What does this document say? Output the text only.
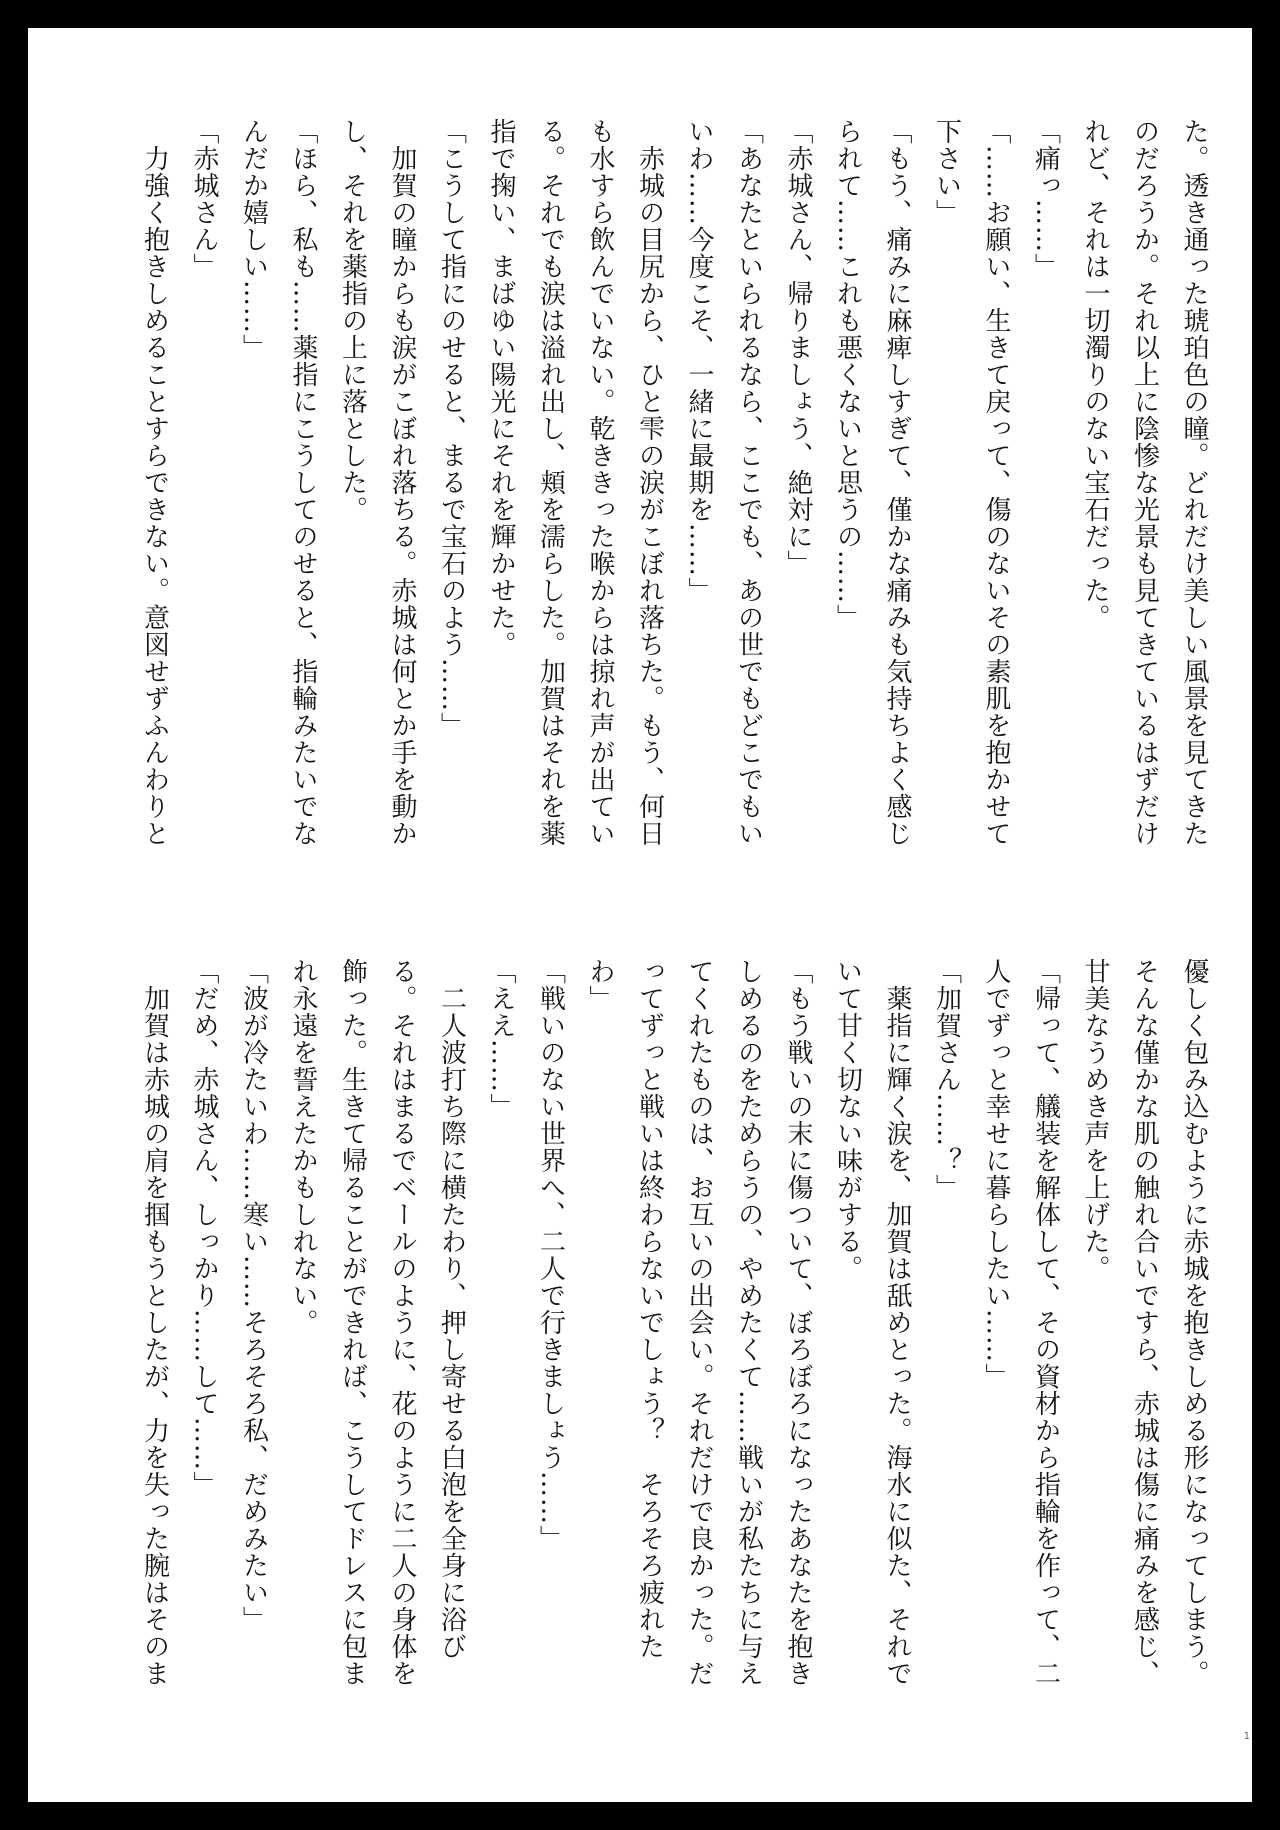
た。透き通った琥珀色の瞳。どれだけ美しい風景を見てきた
のだろうか。それ以上に陰惨な光景も見てきているはずだけ
れど、それは一切濁りのない宝石だった。
「痛っ……」
「……お願い、生きて戻って、傷のないその素肌を抱かせて
下さい」
「もう、痛みに麻痺しすぎて、僅かな痛みも気持ちよく感じ
られて……これも悪くないと思うの……」
「赤城さん、帰りましょう、絶対に」
「あなたといられるなら、ここでも、あの世でもどこでもい
いわ……今度こそ、一緒に最期を……」
　赤城の目尻から、ひと雫の涙がこぼれ落ちた。もう、何日
も水すら飲んでいない。乾ききった喉からは掠れ声が出てい
る。それでも涙は溢れ出し、頬を濡らした。加賀はそれを薬
指で掬い、まばゆい陽光にそれを輝かせた。
「こうして指にのせると、まるで宝石のよう……」
　加賀の瞳からも涙がこぼれ落ちる。赤城は何とか手を動か
し、それを薬指の上に落とした。
「ほら、私も……薬指にこうしてのせると、指輪みたいでな
んだか嬉しい……」
「赤城さん」
　力強く抱きしめることすらできない。意図せずふんわりと
優しく包み込むように赤城を抱きしめる形になってしまう。
そんな僅かな肌の触れ合いですら、赤城は傷に痛みを感じ、
甘美なうめき声を上げた。
「帰って、艤装を解体して、その資材から指輪を作って、二
人でずっと幸せに暮らしたい……」
「加賀さん……？」
　薬指に輝く涙を、加賀は舐めとった。海水に似た、それで
いて甘く切ない味がする。
「もう戦いの末に傷ついて、ぼろぼろになったあなたを抱き
しめるのをためらうの、やめたくて……戦いが私たちに与え
てくれたものは、お互いの出会い。それだけで良かった。だ
ってずっと戦いは終わらないでしょう？　そろそろ疲れた
わ」
「戦いのない世界へ、二人で行きましょう……」
「ええ……」
　二人波打ち際に横たわり、押し寄せる白泡を全身に浴び
る。それはまるでベールのように、花のように二人の身体を
飾った。生きて帰ることができれば、こうしてドレスに包ま
れ永遠を誓えたかもしれない。
「波が冷たいわ……寒い……そろそろ私、だめみたい」
「だめ、赤城さん、しっかり……して……」
　加賀は赤城の肩を掴もうとしたが、力を失った腕はそのま
1
